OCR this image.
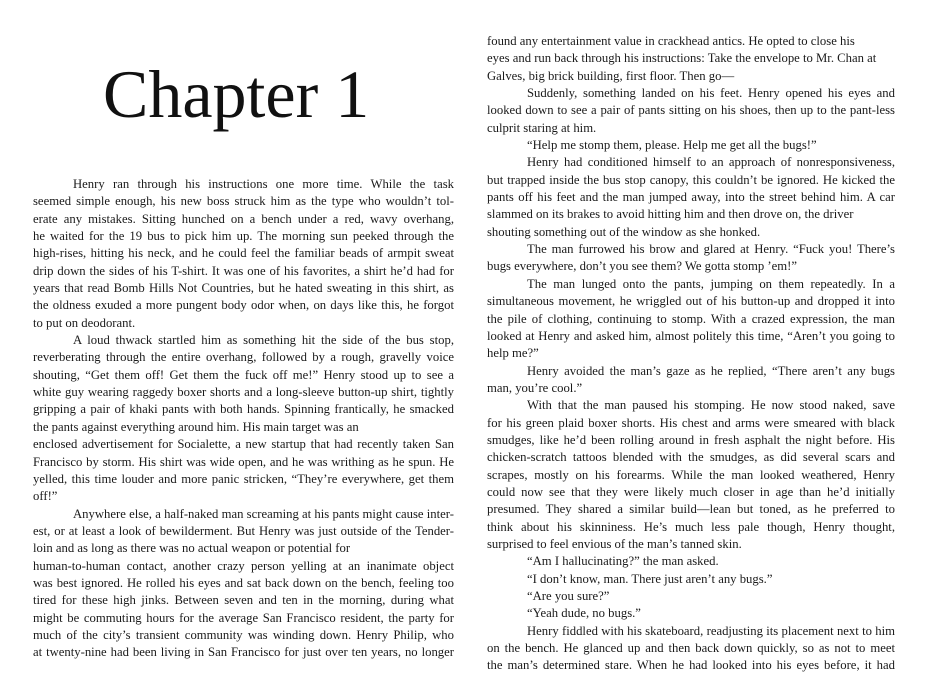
Chapter 1
Henry ran through his instructions one more time. While the task
seemed simple enough, his new boss struck him as the type who wouldn’t tol-
erate any mistakes. Sitting hunched on a bench under a red, wavy overhang,
he waited for the 19 bus to pick him up. The morning sun peeked through the
high-rises, hitting his neck, and he could feel the familiar beads of armpit sweat
drip down the sides of his T-shirt. It was one of his favorites, a shirt he’d had for
years that read Bomb Hills Not Countries, but he hated sweating in this shirt, as
the oldness exuded a more pungent body odor when, on days like this, he forgot
to put on deodorant.
A loud thwack startled him as something hit the side of the bus stop,
reverberating through the entire overhang, followed by a rough, gravelly voice
shouting, “Get them off! Get them the fuck off me!” Henry stood up to see a
white guy wearing raggedy boxer shorts and a long-sleeve button-up shirt, tightly
gripping a pair of khaki pants with both hands. Spinning frantically, he smacked
the pants against everything around him. His main target was an
enclosed advertisement for Socialette, a new startup that had recently taken San
Francisco by storm. His shirt was wide open, and he was writhing as he spun. He
yelled, this time louder and more panic stricken, “They’re everywhere, get them
off!”
Anywhere else, a half-naked man screaming at his pants might cause inter-
est, or at least a look of bewilderment. But Henry was just outside of the Tender-
loin and as long as there was no actual weapon or potential for
human-to-human contact, another crazy person yelling at an inanimate object
was best ignored. He rolled his eyes and sat back down on the bench, feeling too
tired for these high jinks. Between seven and ten in the morning, during what
might be commuting hours for the average San Francisco resident, the party for
much of the city’s transient community was winding down. Henry Philip, who
at twenty-nine had been living in San Francisco for just over ten years, no longer
found any entertainment value in crackhead antics. He opted to close his
eyes and run back through his instructions: Take the envelope to Mr. Chan at
Galves, big brick building, first floor. Then go—
Suddenly, something landed on his feet. Henry opened his eyes and
looked down to see a pair of pants sitting on his shoes, then up to the pant-less
culprit staring at him.
“Help me stomp them, please. Help me get all the bugs!”
Henry had conditioned himself to an approach of nonresponsiveness,
but trapped inside the bus stop canopy, this couldn’t be ignored. He kicked the
pants off his feet and the man jumped away, into the street behind him. A car
slammed on its brakes to avoid hitting him and then drove on, the driver
shouting something out of the window as she honked.
The man furrowed his brow and glared at Henry. “Fuck you! There’s
bugs everywhere, don’t you see them? We gotta stomp ’em!”
The man lunged onto the pants, jumping on them repeatedly. In a
simultaneous movement, he wriggled out of his button-up and dropped it into
the pile of clothing, continuing to stomp. With a crazed expression, the man
looked at Henry and asked him, almost politely this time, “Aren’t you going to
help me?”
Henry avoided the man’s gaze as he replied, “There aren’t any bugs
man, you’re cool.”
With that the man paused his stomping. He now stood naked, save
for his green plaid boxer shorts. His chest and arms were smeared with black
smudges, like he’d been rolling around in fresh asphalt the night before. His
chicken-scratch tattoos blended with the smudges, as did several scars and
scrapes, mostly on his forearms. While the man looked weathered, Henry
could now see that they were likely much closer in age than he’d initially
presumed. They shared a similar build—lean but toned, as he preferred to
think about his skinniness. He’s much less pale though, Henry thought,
surprised to feel envious of the man’s tanned skin.
“Am I hallucinating?” the man asked.
“I don’t know, man. There just aren’t any bugs.”
“Are you sure?”
“Yeah dude, no bugs.”
Henry fiddled with his skateboard, readjusting its placement next to him
on the bench. He glanced up and then back down quickly, so as not to meet
the man’s determined stare. When he had looked into his eyes before, it had
